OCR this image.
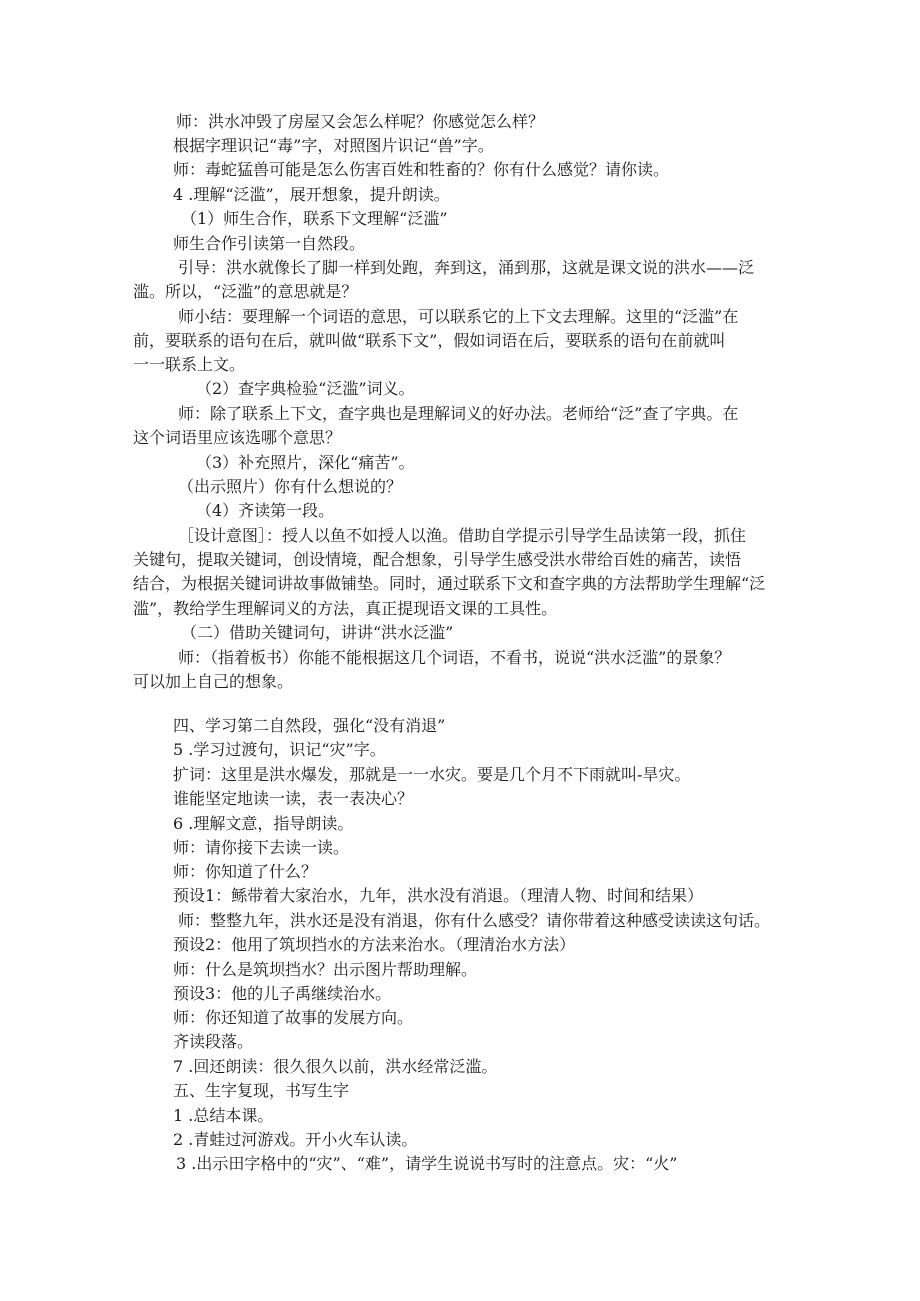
师：洪水冲毁了房屋又会怎么样呢？你感觉怎么样？
根据字理识记“毒”字，对照图片识记“兽”字。
师：毒蛇猛兽可能是怎么伤害百姓和牲畜的？你有什么感觉？请你读。
4 .理解“泛滥”，展开想象，提升朗读。
（1）师生合作，联系下文理解“泛滥”
师生合作引读第一自然段。
引导：洪水就像长了脚一样到处跑，奔到这，涌到那，这就是课文说的洪水——泛
滥。所以，“泛滥”的意思就是？
师小结：要理解一个词语的意思，可以联系它的上下文去理解。这里的“泛滥”在
前，要联系的语句在后，就叫做“联系下文”，假如词语在后，要联系的语句在前就叫
一一联系上文。
（2）查字典检验“泛滥”词义。
师：除了联系上下文，查字典也是理解词义的好办法。老师给“泛”查了字典。在
这个词语里应该选哪个意思？
（3）补充照片，深化“痛苦”。
（出示照片）你有什么想说的？
（4）齐读第一段。
［设计意图］：授人以鱼不如授人以渔。借助自学提示引导学生品读第一段，抓住
关键句，提取关键词，创设情境，配合想象，引导学生感受洪水带给百姓的痛苦，读悟
结合，为根据关键词讲故事做铺垫。同时，通过联系下文和查字典的方法帮助学生理解“泛
滥”，教给学生理解词义的方法，真正提现语文课的工具性。
（二）借助关键词句，讲讲“洪水泛滥”
师：（指着板书）你能不能根据这几个词语，不看书，说说“洪水泛滥”的景象？
可以加上自己的想象。
四、学习第二自然段，强化“没有消退”
5 .学习过渡句，识记“灾”字。
扩词：这里是洪水爆发，那就是一一水灾。要是几个月不下雨就叫-旱灾。
谁能坚定地读一读，表一表决心？
6 .理解文意，指导朗读。
师：请你接下去读一读。
师：你知道了什么？
预设1：鲧带着大家治水，九年，洪水没有消退。（理清人物、时间和结果）
师：整整九年，洪水还是没有消退，你有什么感受？请你带着这种感受读读这句话。
预设2：他用了筑坝挡水的方法来治水。（理清治水方法）
师：什么是筑坝挡水？出示图片帮助理解。
预设3：他的儿子禹继续治水。
师：你还知道了故事的发展方向。
齐读段落。
7 .回还朗读：很久很久以前，洪水经常泛滥。
五、生字复现，书写生字
1 .总结本课。
2 .青蛙过河游戏。开小火车认读。
3 .出示田字格中的“灾”、“难”，请学生说说书写时的注意点。灾：“火”
